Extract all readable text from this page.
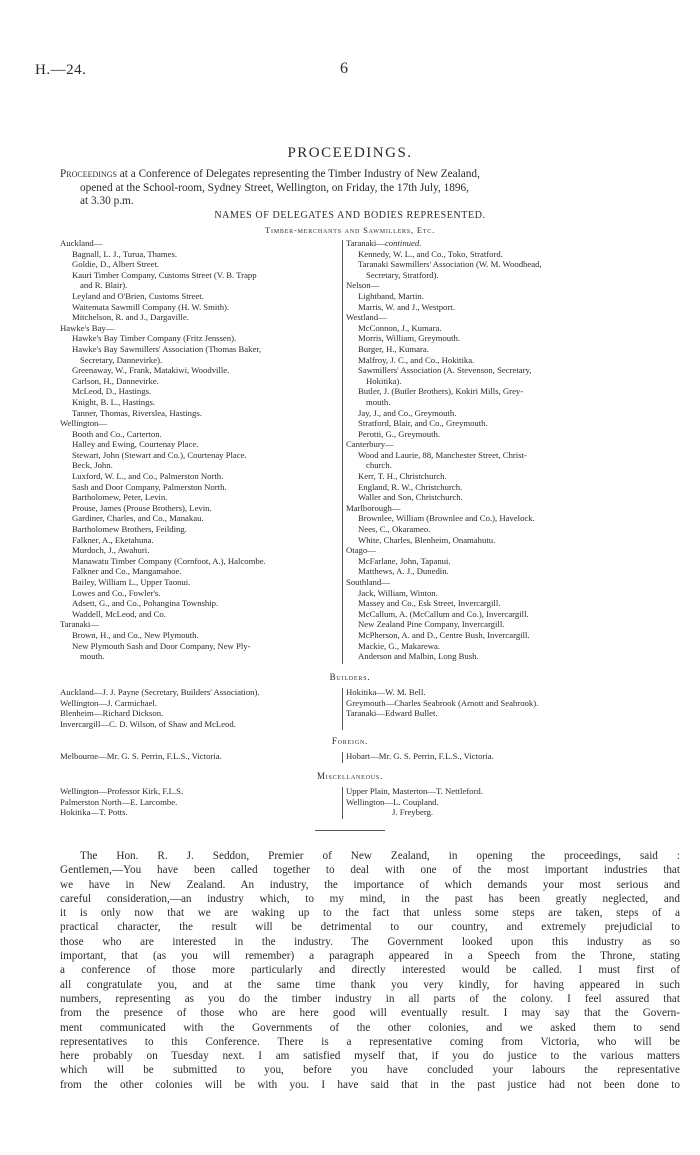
H.—24.	6
PROCEEDINGS.
Proceedings at a Conference of Delegates representing the Timber Industry of New Zealand,
opened at the School-room, Sydney Street, Wellington, on Friday, the 17th July, 1896,
at 3.30 p.m.
NAMES OF DELEGATES AND BODIES REPRESENTED.
Timber-merchants and Sawmillers, Etc.
Auckland—
Bagnall, L. J., Turua, Thames.
Goldie, D., Albert Street.
Kauri Timber Company, Customs Street (V. B. Trapp
and R. Blair).
Leyland and O'Brien, Customs Street.
Waitemata Sawmill Company (H. W. Smith).
Mitchelson, R. and J., Dargaville.
Hawke's Bay—
Hawke's Bay Timber Company (Fritz Jenssen).
Hawke's Bay Sawmillers' Association (Thomas Baker,
Secretary, Dannevirke).
Greenaway, W., Frank, Matakiwi, Woodville.
Carlson, H., Dannevirke.
McLeod, D., Hastings.
Knight, B. L., Hastings.
Tanner, Thomas, Riverslea, Hastings.
Wellington—
Booth and Co., Carterton.
Halley and Ewing, Courtenay Place.
Stewart, John (Stewart and Co.), Courtenay Place.
Beck, John.
Luxford, W. L., and Co., Palmerston North.
Sash and Door Company, Palmerston North.
Bartholomew, Peter, Levin.
Prouse, James (Prouse Brothers), Levin.
Gardiner, Charles, and Co., Manakau.
Bartholomew Brothers, Feilding.
Falkner, A., Eketahuna.
Murdoch, J., Awahuri.
Manawatu Timber Company (Cornfoot, A.), Halcombe.
Falkner and Co., Mangamahoe.
Bailey, William L., Upper Taonui.
Lowes and Co., Fowler's.
Adsett, G., and Co., Pohangina Township.
Waddell, McLeod, and Co.
Taranaki—
Brown, H., and Co., New Plymouth.
New Plymouth Sash and Door Company, New Ply-
mouth.
Taranaki—continued.
Kennedy, W. L., and Co., Toko, Stratford.
Taranaki Sawmillers' Association (W. M. Woodhead,
Secretary, Stratford).
Nelson—
Lightband, Martin.
Marris, W. and J., Westport.
Westland—
McConnon, J., Kumara.
Morris, William, Greymouth.
Burger, H., Kumara.
Malfroy, J. C., and Co., Hokitika.
Sawmillers' Association (A. Stevenson, Secretary,
Hokitika).
Butler, J. (Butler Brothers), Kokiri Mills, Grey-
mouth.
Jay, J., and Co., Greymouth.
Stratford, Blair, and Co., Greymouth.
Perotti, G., Greymouth.
Canterbury—
Wood and Laurie, 88, Manchester Street, Christ-
church.
Kerr, T. H., Christchurch.
England, R. W., Christchurch.
Waller and Son, Christchurch.
Marlborough—
Brownlee, William (Brownlee and Co.), Havelock.
Nees, C., Okarameo.
White, Charles, Blenheim, Onamahutu.
Otago—
McFarlane, John, Tapanui.
Matthews, A. J., Dunedin.
Southland—
Jack, William, Winton.
Massey and Co., Esk Street, Invercargill.
McCallum, A. (McCallum and Co.), Invercargill.
New Zealand Pine Company, Invercargill.
McPherson, A. and D., Centre Bush, Invercargill.
Mackie, G., Makarewa.
Anderson and Malbin, Long Bush.
Builders.
Auckland—J. J. Payne (Secretary, Builders' Association).
Wellington—J. Carmichael.
Blenheim—Richard Dickson.
Invercargill—C. D. Wilson, of Shaw and McLeod.
Hokitika—W. M. Bell.
Greymouth—Charles Seabrook (Arnott and Seabrook).
Taranaki—Edward Bullet.
Foreign.
Melbourne—Mr. G. S. Perrin, F.L.S., Victoria.	Hobart—Mr. G. S. Perrin, F.L.S., Victoria.
Miscellaneous.
Wellington—Professor Kirk, F.L.S.
Palmerston North—E. Larcombe.
Hokitika—T. Potts.
Upper Plain, Masterton—T. Nettleford.
Wellington—L. Coupland.
J. Freyberg.
The Hon. R. J. Seddon, Premier of New Zealand, in opening the proceedings, said :
Gentlemen,—You have been called together to deal with one of the most important industries that
we have in New Zealand. An industry, the importance of which demands your most serious and
careful consideration,—an industry which, to my mind, in the past has been greatly neglected, and
it is only now that we are waking up to the fact that unless some steps are taken, steps of a
practical character, the result will be detrimental to our country, and extremely prejudicial to
those who are interested in the industry. The Government looked upon this industry as so
important, that (as you will remember) a paragraph appeared in a Speech from the Throne, stating
a conference of those more particularly and directly interested would be called. I must first of
all congratulate you, and at the same time thank you very kindly, for having appeared in such
numbers, representing as you do the timber industry in all parts of the colony. I feel assured that
from the presence of those who are here good will eventually result. I may say that the Govern-
ment communicated with the Governments of the other colonies, and we asked them to send
representatives to this Conference. There is a representative coming from Victoria, who will be
here probably on Tuesday next. I am satisfied myself that, if you do justice to the various matters
which will be submitted to you, before you have concluded your labours the representative
from the other colonies will be with you. I have said that in the past justice had not been done to
